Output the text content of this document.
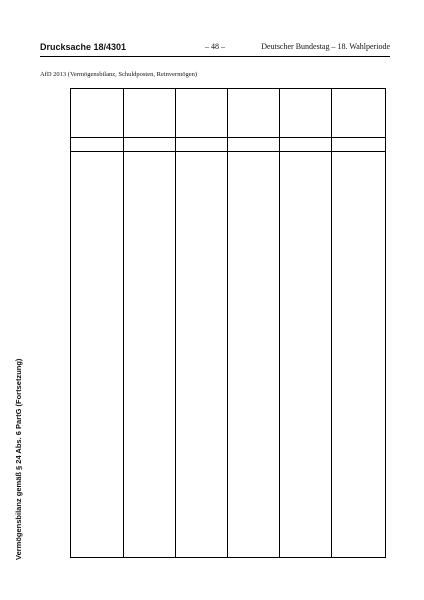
Drucksache 18/4301	– 48 –	Deutscher Bundestag – 18. Wahlperiode
AfD 2013 (Vermögensbilanz, Schuldposten, Reinvermögen)
Vermögensbilanz gemäß § 24 Abs. 6 PartG (Fortsetzung)
